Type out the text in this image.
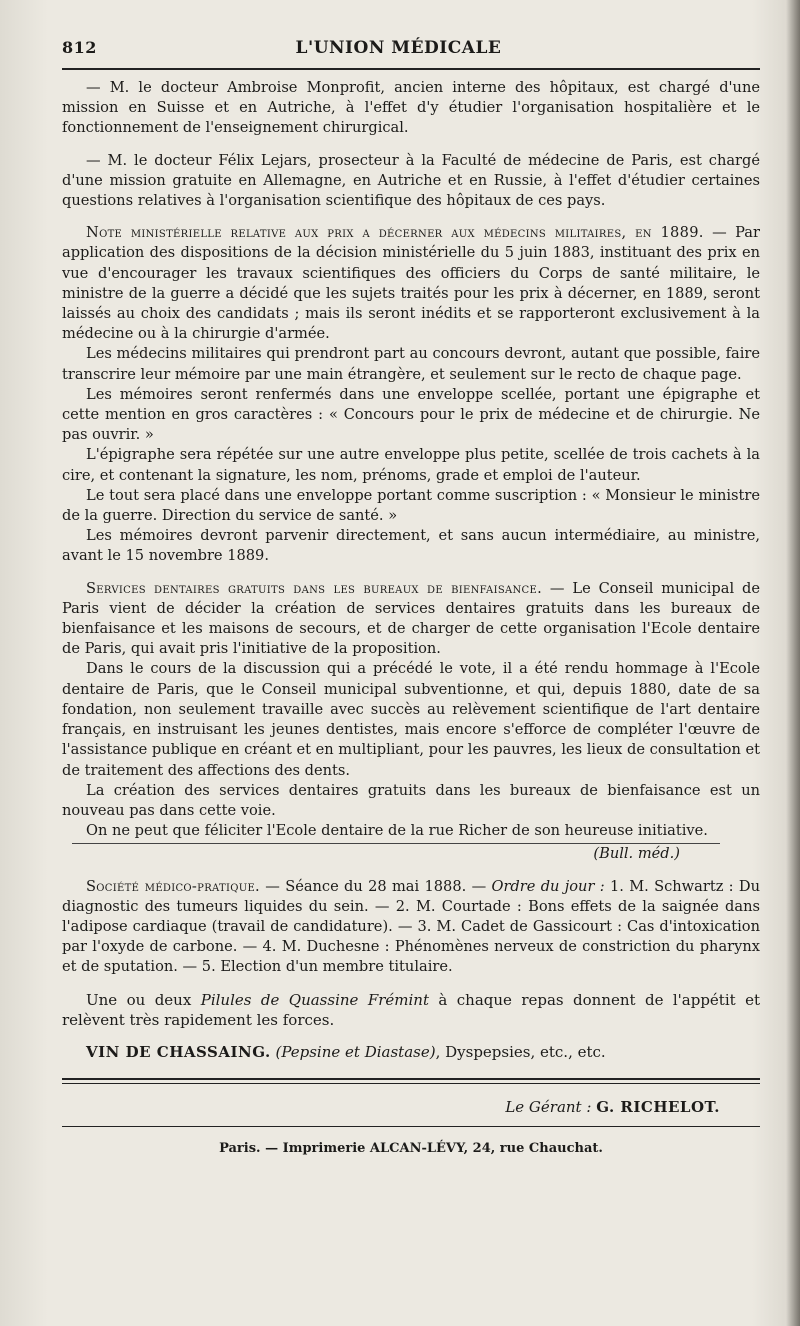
812	L'UNION MÉDICALE

— M. le docteur Ambroise Monprofit, ancien interne des hôpitaux, est chargé d'une mission en Suisse et en Autriche, à l'effet d'y étudier l'organisation hospitalière et le fonctionnement de l'enseignement chirurgical.

— M. le docteur Félix Lejars, prosecteur à la Faculté de médecine de Paris, est chargé d'une mission gratuite en Allemagne, en Autriche et en Russie, à l'effet d'étudier certaines questions relatives à l'organisation scientifique des hôpitaux de ces pays.

Note ministérielle relative aux prix a décerner aux médecins militaires, en 1889. — Par application des dispositions de la décision ministérielle du 5 juin 1883, instituant des prix en vue d'encourager les travaux scientifiques des officiers du Corps de santé militaire, le ministre de la guerre a décidé que les sujets traités pour les prix à décerner, en 1889, seront laissés au choix des candidats ; mais ils seront inédits et se rapporteront exclusivement à la médecine ou à la chirurgie d'armée.

Les médecins militaires qui prendront part au concours devront, autant que possible, faire transcrire leur mémoire par une main étrangère, et seulement sur le recto de chaque page.

Les mémoires seront renfermés dans une enveloppe scellée, portant une épigraphe et cette mention en gros caractères : « Concours pour le prix de médecine et de chirurgie. Ne pas ouvrir. »

L'épigraphe sera répétée sur une autre enveloppe plus petite, scellée de trois cachets à la cire, et contenant la signature, les nom, prénoms, grade et emploi de l'auteur.

Le tout sera placé dans une enveloppe portant comme suscription : « Monsieur le ministre de la guerre. Direction du service de santé. »

Les mémoires devront parvenir directement, et sans aucun intermédiaire, au ministre, avant le 15 novembre 1889.

Services dentaires gratuits dans les bureaux de bienfaisance. — Le Conseil municipal de Paris vient de décider la création de services dentaires gratuits dans les bureaux de bienfaisance et les maisons de secours, et de charger de cette organisation l'Ecole dentaire de Paris, qui avait pris l'initiative de la proposition.

Dans le cours de la discussion qui a précédé le vote, il a été rendu hommage à l'Ecole dentaire de Paris, que le Conseil municipal subventionne, et qui, depuis 1880, date de sa fondation, non seulement travaille avec succès au relèvement scientifique de l'art dentaire français, en instruisant les jeunes dentistes, mais encore s'efforce de compléter l'œuvre de l'assistance publique en créant et en multipliant, pour les pauvres, les lieux de consultation et de traitement des affections des dents.

La création des services dentaires gratuits dans les bureaux de bienfaisance est un nouveau pas dans cette voie.

On ne peut que féliciter l'Ecole dentaire de la rue Richer de son heureuse initiative.

(Bull. méd.)

Société médico-pratique. — Séance du 28 mai 1888. — Ordre du jour : 1. M. Schwartz : Du diagnostic des tumeurs liquides du sein. — 2. M. Courtade : Bons effets de la saignée dans l'adipose cardiaque (travail de candidature). — 3. M. Cadet de Gassicourt : Cas d'intoxication par l'oxyde de carbone. — 4. M. Duchesne : Phénomènes nerveux de constriction du pharynx et de sputation. — 5. Election d'un membre titulaire.

Une ou deux Pilules de Quassine Frémint à chaque repas donnent de l'appétit et relèvent très rapidement les forces.

VIN DE CHASSAING. (Pepsine et Diastase), Dyspepsies, etc., etc.

Le Gérant : G. RICHELOT.
Paris. — Imprimerie ALCAN-LÉVY, 24, rue Chauchat.
